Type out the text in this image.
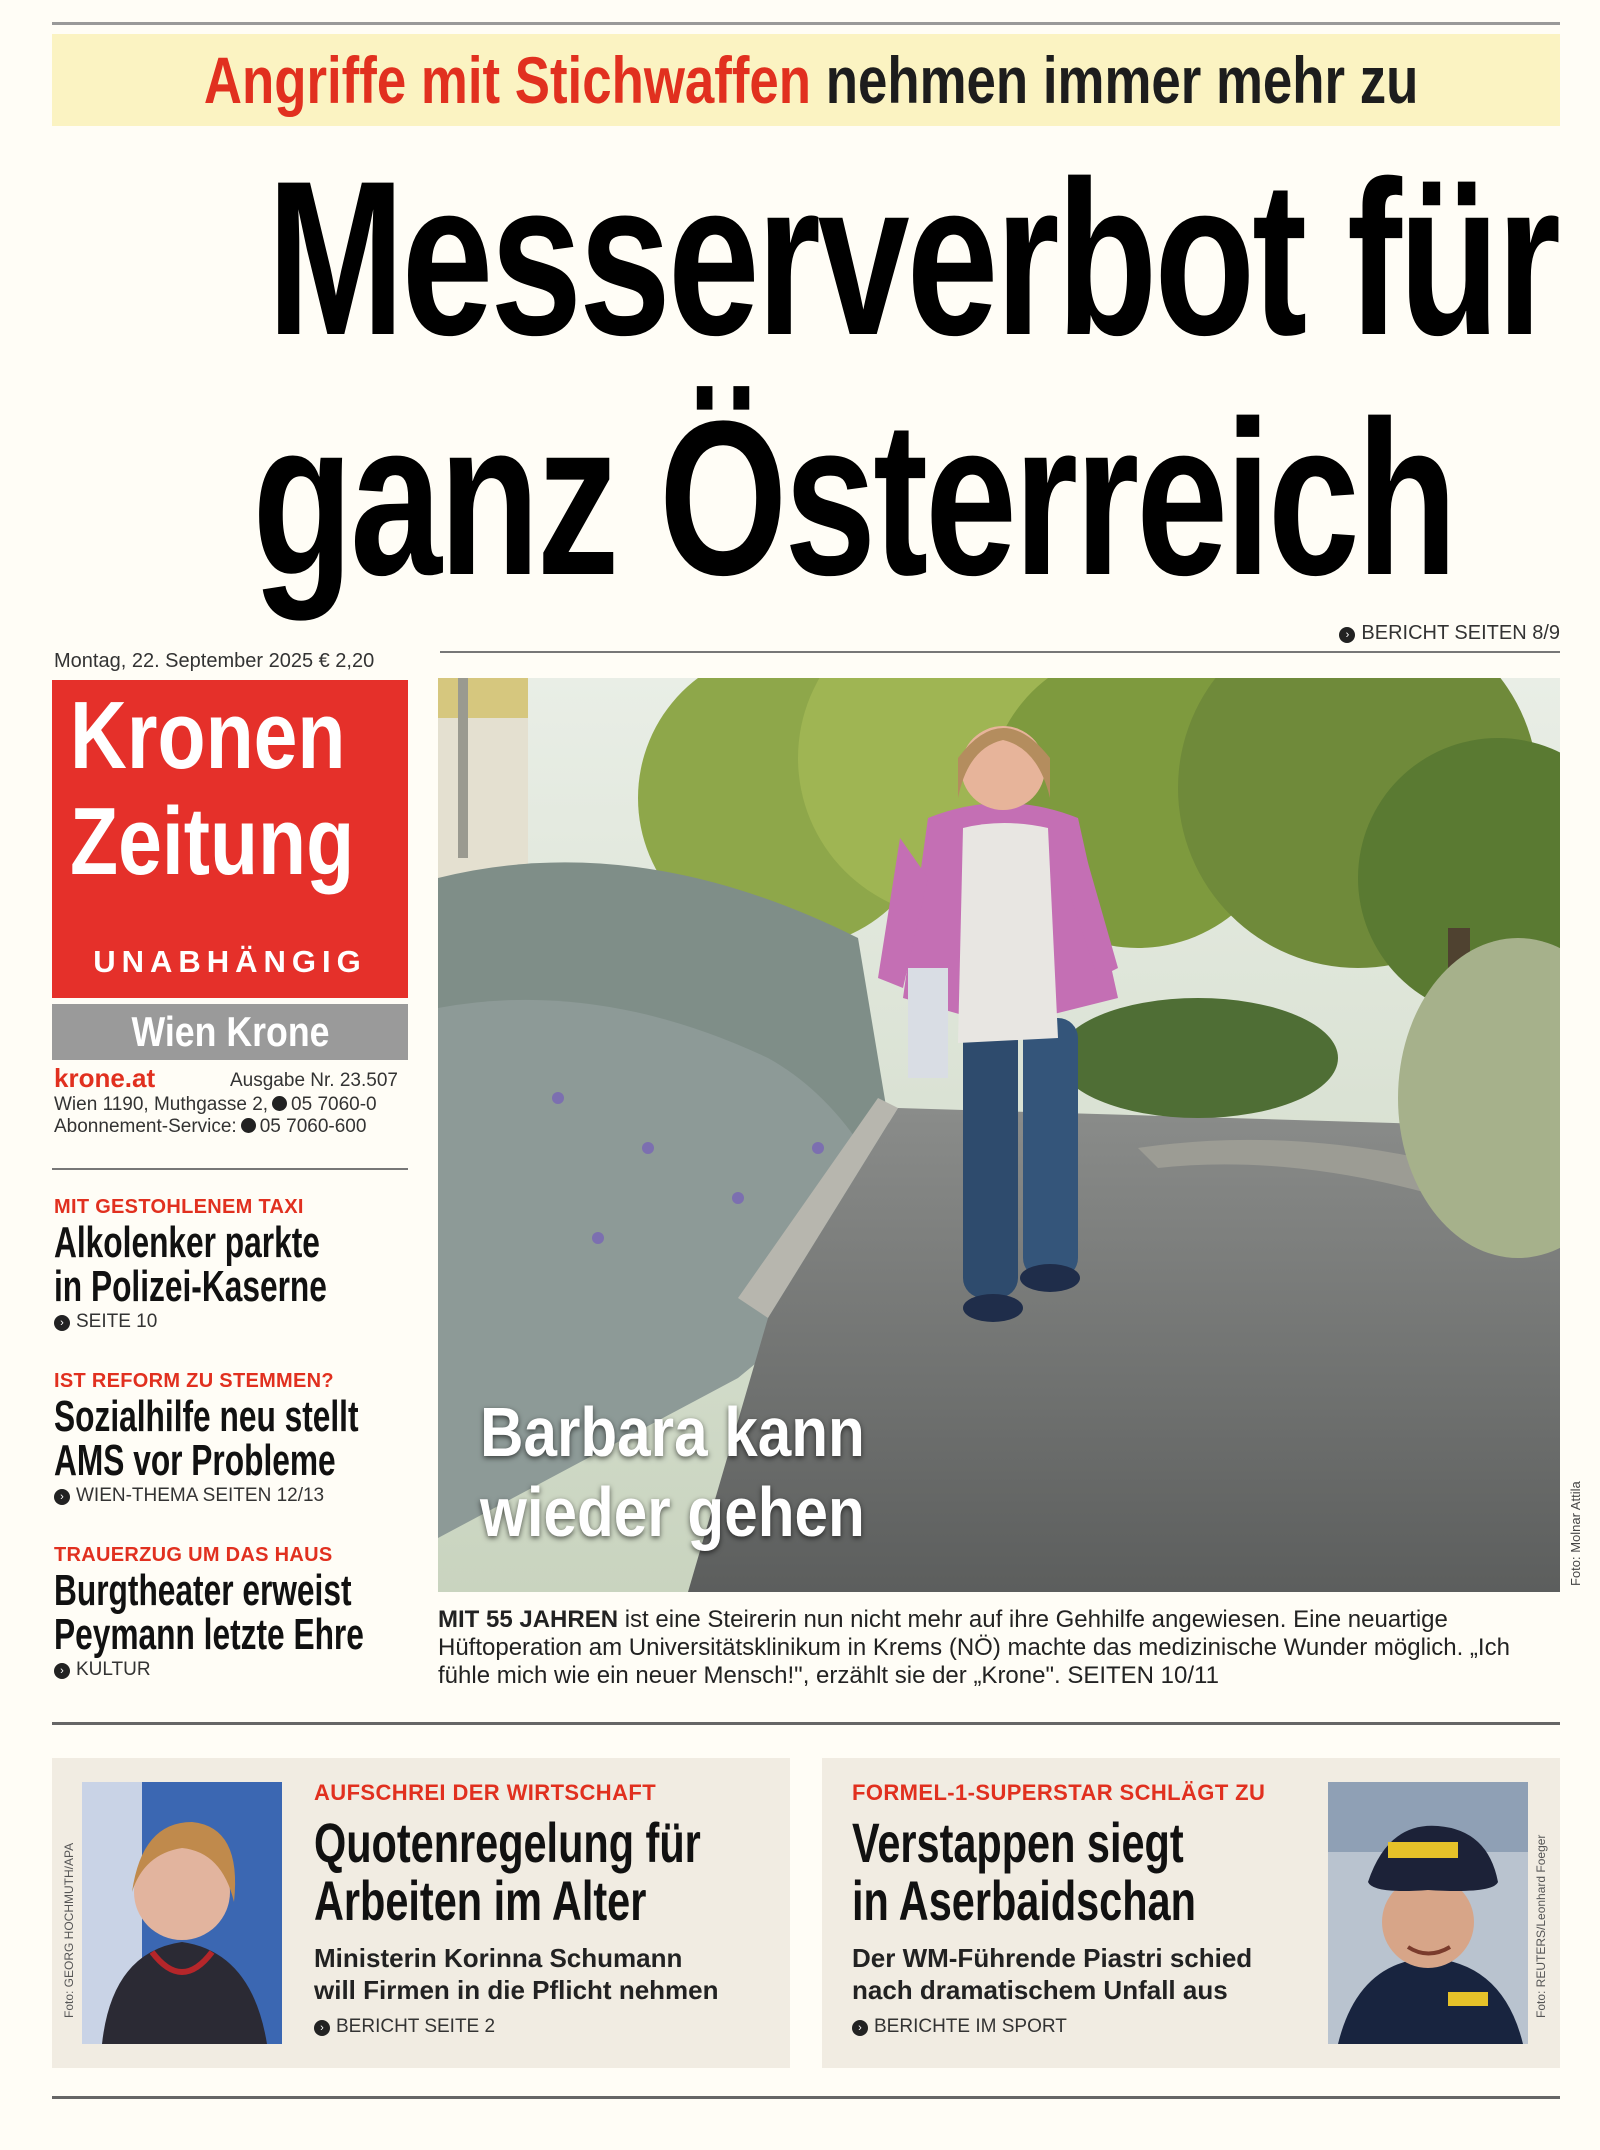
Angriffe mit Stichwaffen nehmen immer mehr zu
Messerverbot für
ganz Österreich
› BERICHT SEITEN 8/9
Montag, 22. September 2025 € 2,20
Kronen
Zeitung
UNABHÄNGIG
Wien Krone
krone.at	Ausgabe Nr. 23.507
Wien 1190, Muthgasse 2, 05 7060-0
Abonnement-Service: 05 7060-600
MIT GESTOHLENEM TAXI
Alkolenker parkte
in Polizei-Kaserne
› SEITE 10
IST REFORM ZU STEMMEN?
Sozialhilfe neu stellt
AMS vor Probleme
› WIEN-THEMA SEITEN 12/13
TRAUERZUG UM DAS HAUS
Burgtheater erweist
Peymann letzte Ehre
› KULTUR
Barbara kann
wieder gehen	Foto: Molnar Attila
MIT 55 JAHREN ist eine Steirerin nun nicht mehr auf ihre Gehhilfe angewiesen. Eine neuartige Hüftoperation am Universitätsklinikum in Krems (NÖ) machte das medizinische Wunder möglich. „Ich fühle mich wie ein neuer Mensch!", erzählt sie der „Krone". SEITEN 10/11
Foto: GEORG HOCHMUTH/APA
AUFSCHREI DER WIRTSCHAFT
Quotenregelung für
Arbeiten im Alter
Ministerin Korinna Schumann
will Firmen in die Pflicht nehmen
› BERICHT SEITE 2
FORMEL-1-SUPERSTAR SCHLÄGT ZU
Verstappen siegt
in Aserbaidschan
Der WM-Führende Piastri schied
nach dramatischem Unfall aus
› BERICHTE IM SPORT
Foto: REUTERS/Leonhard Foeger
